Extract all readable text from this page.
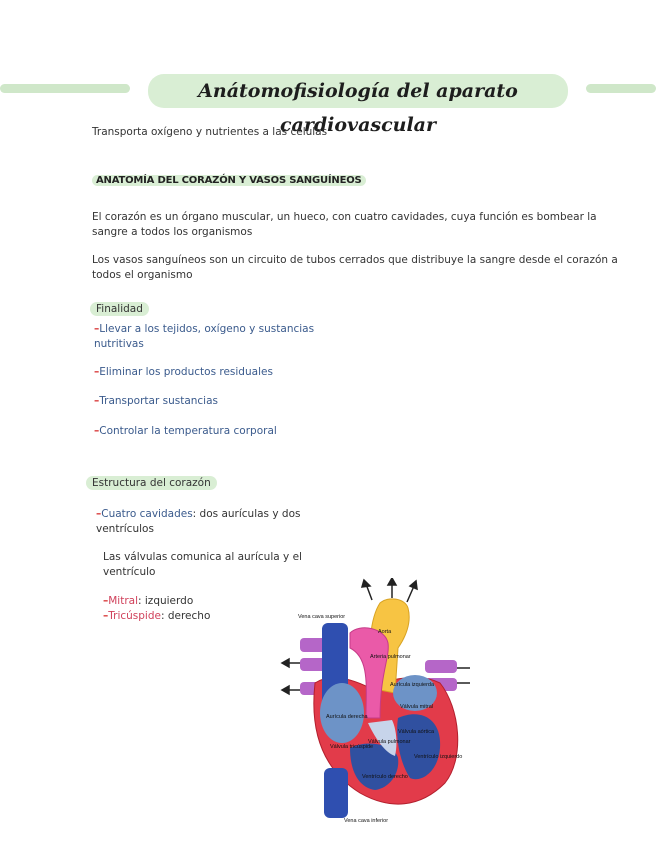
Anátomofisiología del aparato cardiovascular
Transporta oxígeno y nutrientes a las células
ANATOMÍA DEL CORAZÓN Y VASOS SANGUÍNEOS
El corazón es un órgano muscular, un hueco, con cuatro cavidades, cuya función es bombear la sangre a todos los organismos
Los vasos sanguíneos son un circuito de tubos cerrados que distribuye la sangre desde el corazón a todos el organismo
Finalidad
–Llevar a los tejidos, oxígeno y sustancias nutritivas
–Eliminar los productos residuales
–Transportar sustancias
–Controlar la temperatura corporal
Estructura del corazón
–Cuatro cavidades: dos aurículas y dos ventrículos
Las válvulas comunica al aurícula y el ventrículo
–Mitral: izquierdo
–Tricúspide: derecho	Vena cava superior
Aorta
Arteria pulmonar
Aurícula izquierda
Válvula mitral
Aurícula derecha
Válvula aórtica
Válvula pulmonar
Válvula tricúspide
Ventrículo izquierdo
Ventrículo derecho
Vena cava inferior
